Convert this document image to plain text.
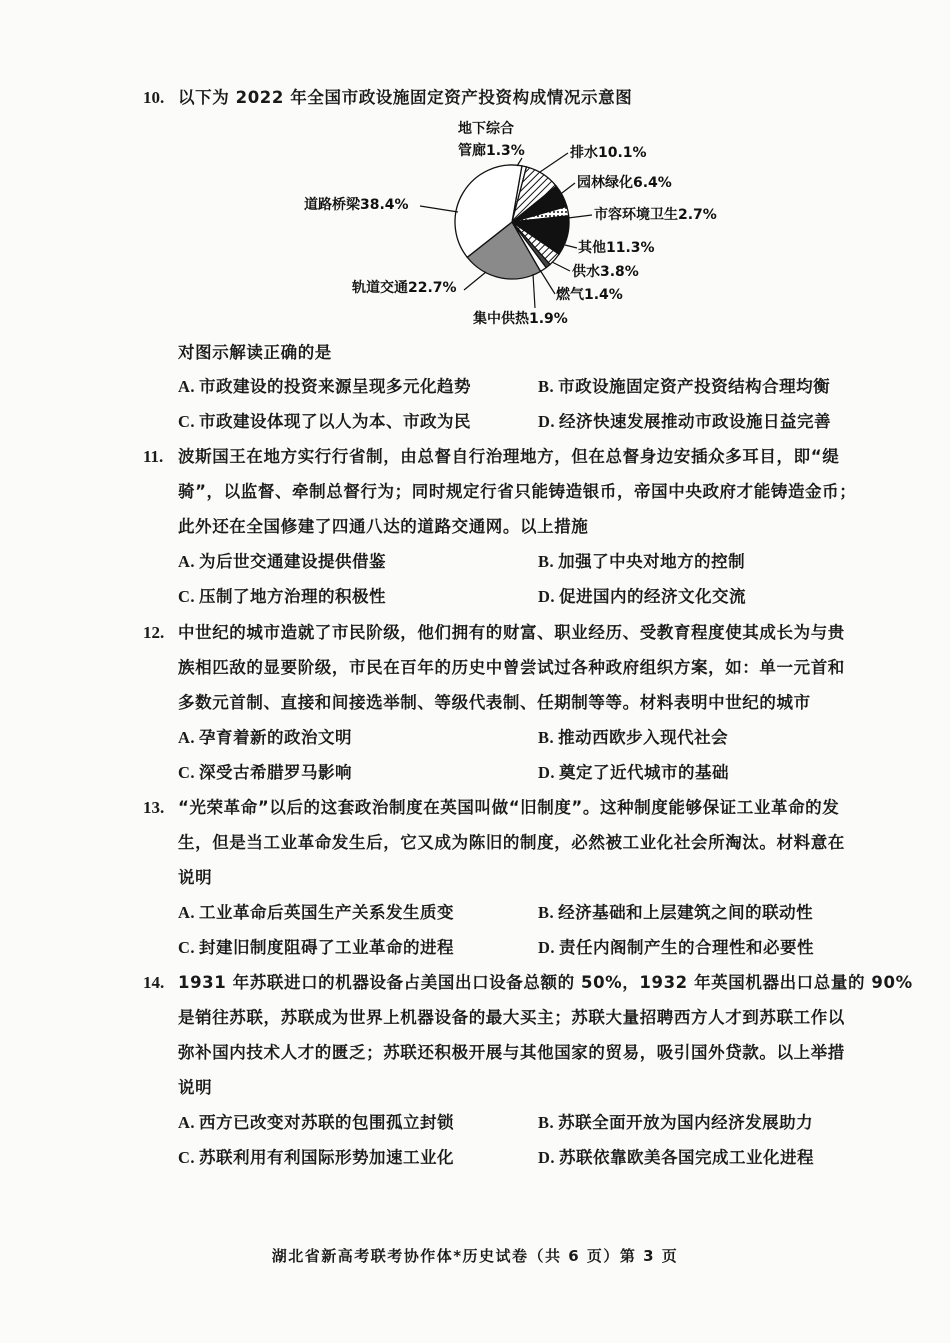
10. 以下为 2022 年全国市政设施固定资产投资构成情况示意图
对图示解读正确的是
A. 市政建设的投资来源呈现多元化趋势	B. 市政设施固定资产投资结构合理均衡
C. 市政建设体现了以人为本、市政为民	D. 经济快速发展推动市政设施日益完善
11. 波斯国王在地方实行行省制，由总督自行治理地方，但在总督身边安插众多耳目，即“缇
骑”，以监督、牵制总督行为；同时规定行省只能铸造银币，帝国中央政府才能铸造金币；
此外还在全国修建了四通八达的道路交通网。以上措施
A. 为后世交通建设提供借鉴	B. 加强了中央对地方的控制
C. 压制了地方治理的积极性	D. 促进国内的经济文化交流
12. 中世纪的城市造就了市民阶级，他们拥有的财富、职业经历、受教育程度使其成长为与贵
族相匹敌的显要阶级，市民在百年的历史中曾尝试过各种政府组织方案，如：单一元首和
多数元首制、直接和间接选举制、等级代表制、任期制等等。材料表明中世纪的城市
A. 孕育着新的政治文明	B. 推动西欧步入现代社会
C. 深受古希腊罗马影响	D. 奠定了近代城市的基础
13. “光荣革命”以后的这套政治制度在英国叫做“旧制度”。这种制度能够保证工业革命的发
生，但是当工业革命发生后，它又成为陈旧的制度，必然被工业化社会所淘汰。材料意在
说明
A. 工业革命后英国生产关系发生质变	B. 经济基础和上层建筑之间的联动性
C. 封建旧制度阻碍了工业革命的进程	D. 责任内阁制产生的合理性和必要性
14. 1931 年苏联进口的机器设备占美国出口设备总额的 50%，1932 年英国机器出口总量的 90%
是销往苏联，苏联成为世界上机器设备的最大买主；苏联大量招聘西方人才到苏联工作以
弥补国内技术人才的匮乏；苏联还积极开展与其他国家的贸易，吸引国外贷款。以上举措
说明
A. 西方已改变对苏联的包围孤立封锁	B. 苏联全面开放为国内经济发展助力
C. 苏联利用有利国际形势加速工业化	D. 苏联依靠欧美各国完成工业化进程
地下综合
管廊1.3%	排水10.1%
园林绿化6.4%
市容环境卫生2.7%
其他11.3%
供水3.8%
燃气1.4%
集中供热1.9%
轨道交通22.7%
道路桥梁38.4%
湖北省新高考联考协作体*历史试卷（共 6 页）第 3 页
